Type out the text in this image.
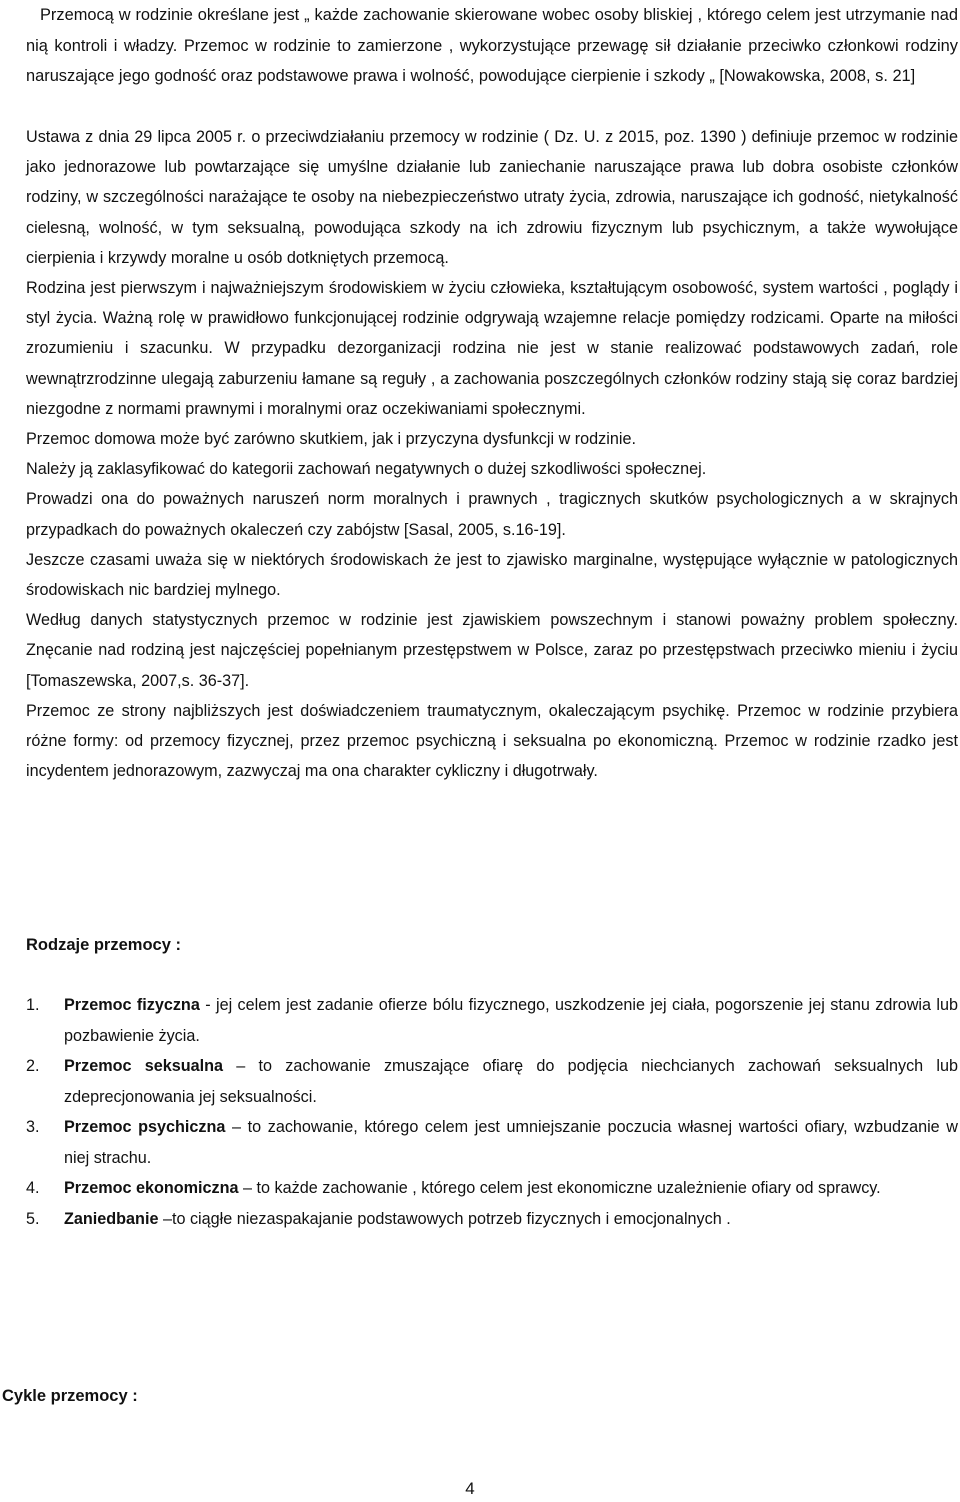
Przemocą w rodzinie określane jest „ każde zachowanie skierowane wobec osoby bliskiej , którego celem jest utrzymanie nad nią kontroli i władzy. Przemoc w rodzinie to zamierzone , wykorzystujące przewagę sił działanie przeciwko członkowi rodziny naruszające jego godność oraz podstawowe prawa i wolność, powodujące cierpienie i szkody „ [Nowakowska, 2008, s. 21]

Ustawa z dnia 29 lipca 2005 r. o przeciwdziałaniu przemocy w rodzinie ( Dz. U. z 2015, poz. 1390 ) definiuje przemoc w rodzinie jako jednorazowe lub powtarzające się umyślne działanie lub zaniechanie naruszające prawa lub dobra osobiste członków rodziny, w szczególności narażające te osoby na niebezpieczeństwo utraty życia, zdrowia, naruszające ich godność, nietykalność cielesną, wolność, w tym seksualną, powodująca szkody na ich zdrowiu fizycznym lub psychicznym, a także wywołujące cierpienia i krzywdy moralne u osób dotkniętych przemocą.

Rodzina jest pierwszym i najważniejszym środowiskiem w życiu człowieka, kształtującym osobowość, system wartości , poglądy i styl życia. Ważną rolę w prawidłowo funkcjonującej rodzinie odgrywają wzajemne relacje pomiędzy rodzicami. Oparte na miłości zrozumieniu i szacunku. W przypadku dezorganizacji rodzina nie jest w stanie realizować podstawowych zadań, role wewnątrzrodzinne ulegają zaburzeniu łamane są reguły , a zachowania poszczególnych członków rodziny stają się coraz bardziej niezgodne z normami prawnymi i moralnymi oraz oczekiwaniami społecznymi.

Przemoc domowa może być zarówno skutkiem, jak i przyczyna dysfunkcji w rodzinie.

Należy ją zaklasyfikować do kategorii zachowań negatywnych o dużej szkodliwości społecznej.

Prowadzi ona do poważnych naruszeń norm moralnych i prawnych , tragicznych skutków psychologicznych a w skrajnych przypadkach do poważnych okaleczeń czy zabójstw [Sasal, 2005, s.16-19].

Jeszcze czasami uważa się w niektórych środowiskach że jest to zjawisko marginalne, występujące wyłącznie w patologicznych środowiskach nic bardziej mylnego.

Według danych statystycznych przemoc w rodzinie jest zjawiskiem powszechnym i stanowi poważny problem społeczny. Znęcanie nad rodziną jest najczęściej popełnianym przestępstwem w Polsce, zaraz po przestępstwach przeciwko mieniu i życiu [Tomaszewska, 2007,s. 36-37].

Przemoc ze strony najbliższych jest doświadczeniem traumatycznym, okaleczającym psychikę. Przemoc w rodzinie przybiera różne formy: od przemocy fizycznej, przez przemoc psychiczną i seksualna po ekonomiczną. Przemoc w rodzinie rzadko jest incydentem jednorazowym, zazwyczaj ma ona charakter cykliczny i długotrwały.

Rodzaje przemocy :
1. Przemoc fizyczna - jej celem jest zadanie ofierze bólu fizycznego, uszkodzenie jej ciała, pogorszenie jej stanu zdrowia lub pozbawienie życia.
2. Przemoc seksualna – to zachowanie zmuszające ofiarę do podjęcia niechcianych zachowań seksualnych lub zdeprecjonowania jej seksualności.
3. Przemoc psychiczna – to zachowanie, którego celem jest umniejszanie poczucia własnej wartości ofiary, wzbudzanie w niej strachu.
4. Przemoc ekonomiczna – to każde zachowanie , którego celem jest ekonomiczne uzależnienie ofiary od sprawcy.
5. Zaniedbanie –to ciągłe niezaspakajanie podstawowych potrzeb fizycznych i emocjonalnych .
Cykle przemocy :
4
